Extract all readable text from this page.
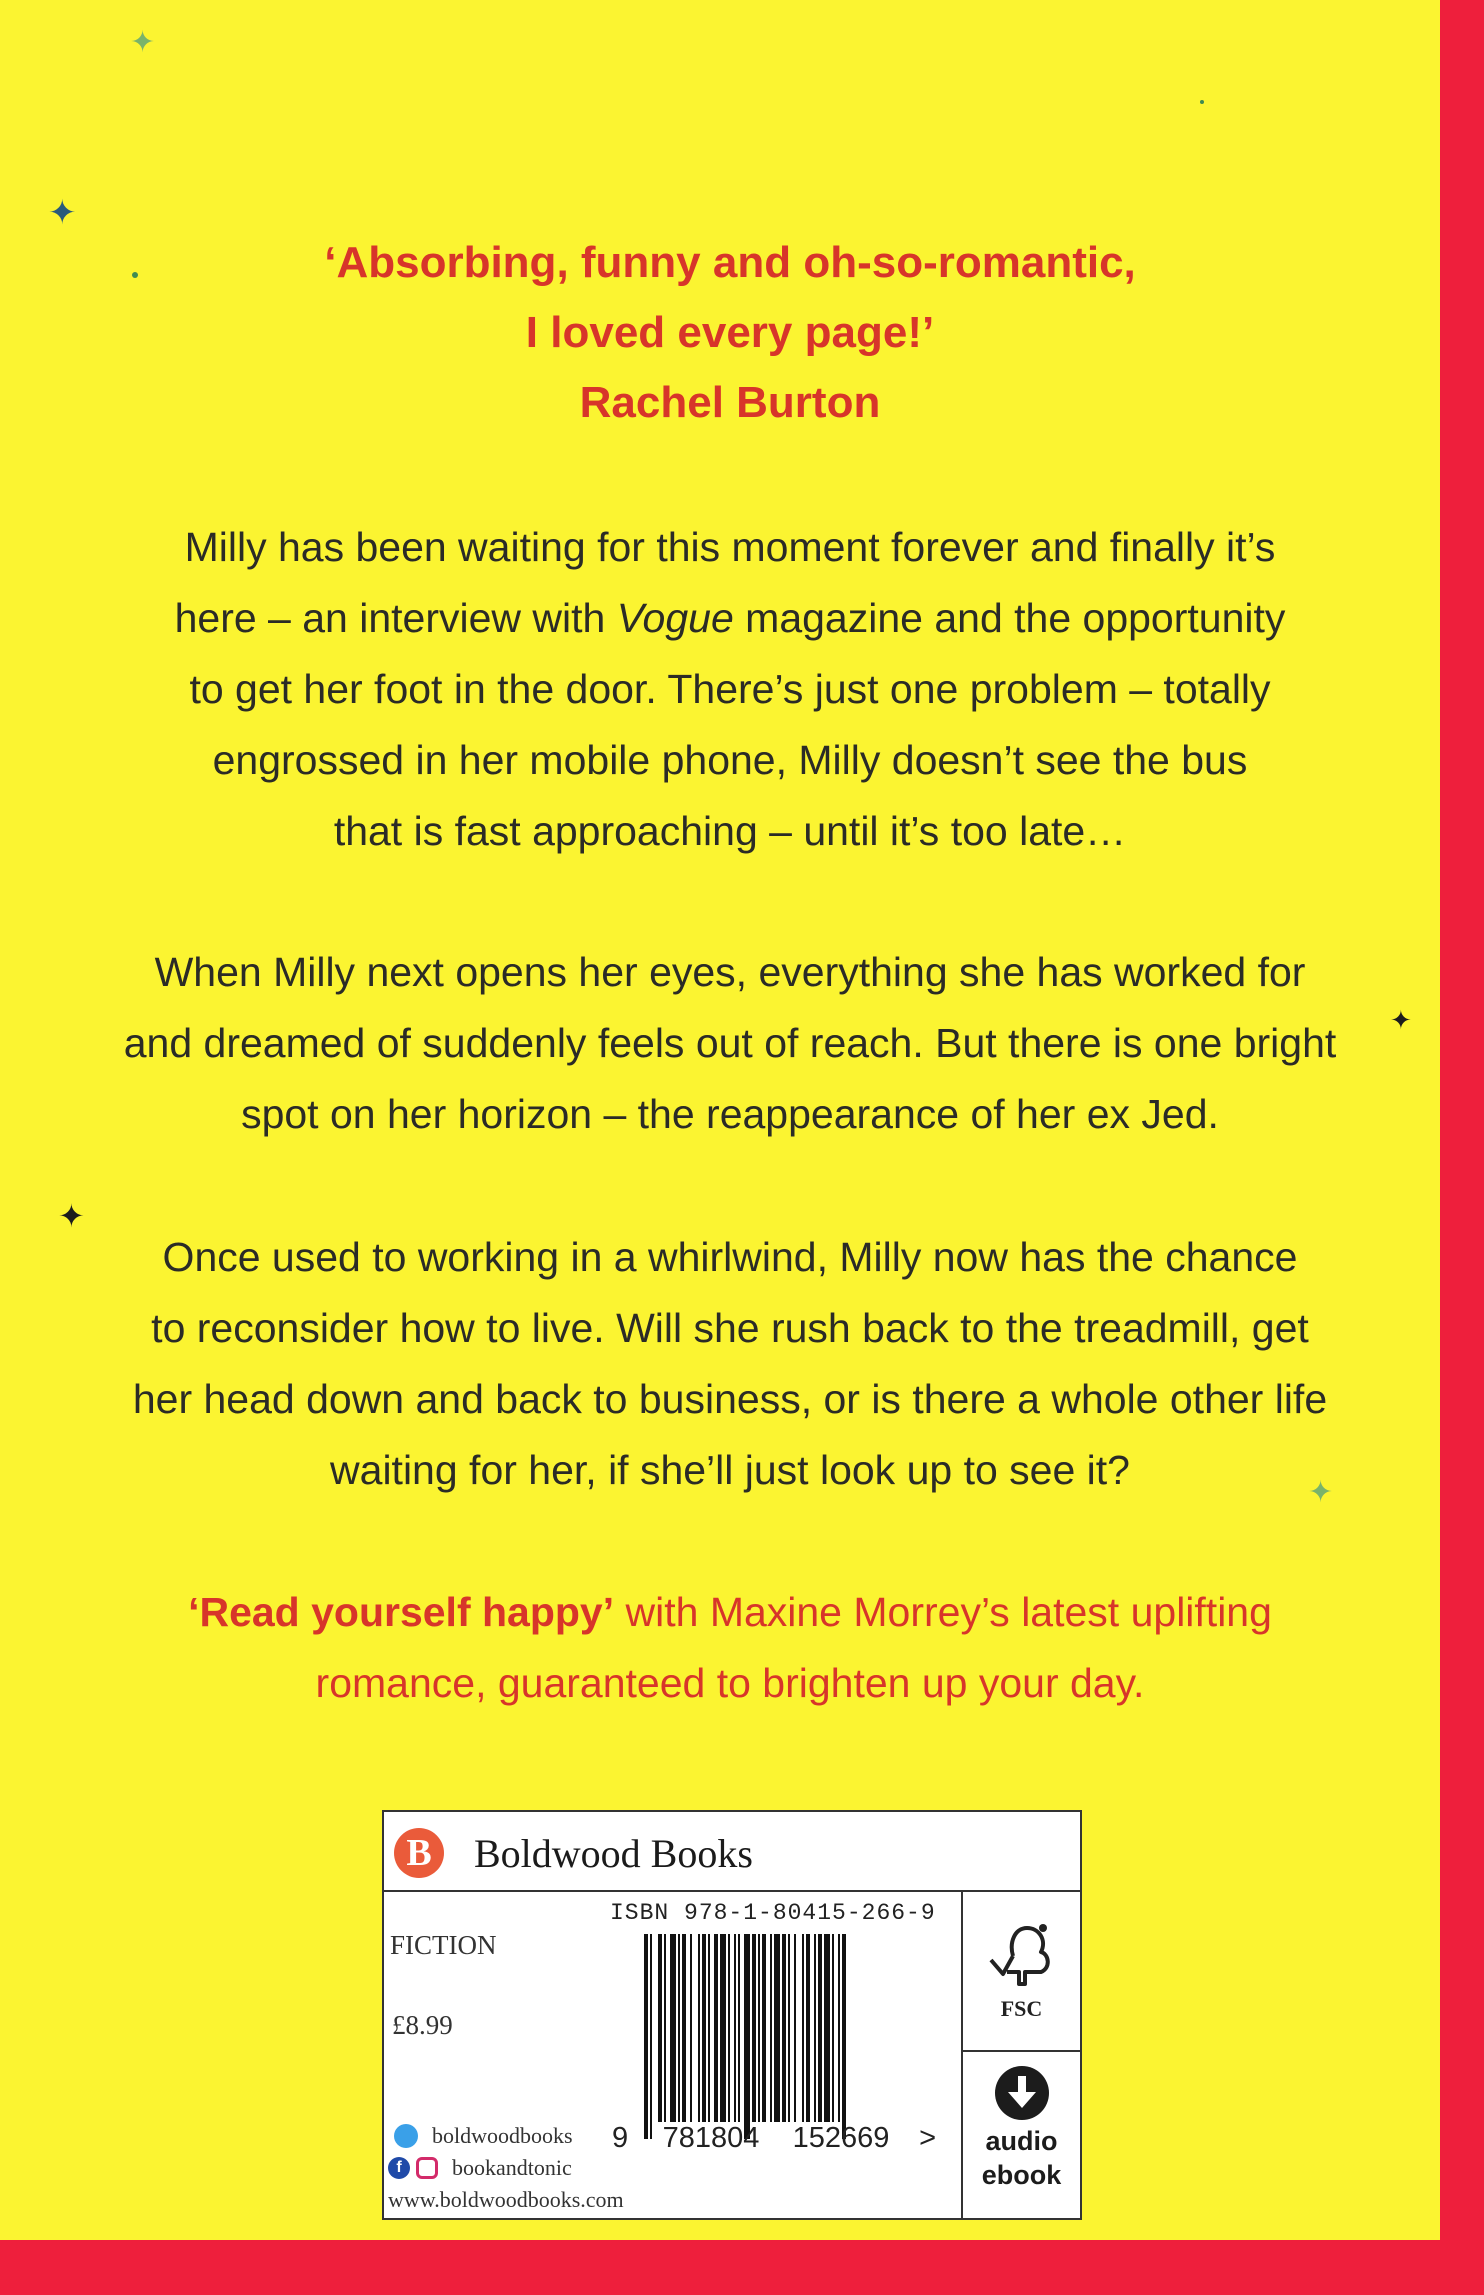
✦
✦
✦
✦
✦
‘Absorbing, funny and oh-so-romantic,
I loved every page!’
Rachel Burton
Milly has been waiting for this moment forever and finally it’s
here – an interview with Vogue magazine and the opportunity
to get her foot in the door. There’s just one problem – totally
engrossed in her mobile phone, Milly doesn’t see the bus
that is fast approaching – until it’s too late…
When Milly next opens her eyes, everything she has worked for
and dreamed of suddenly feels out of reach. But there is one bright
spot on her horizon – the reappearance of her ex Jed.
Once used to working in a whirlwind, Milly now has the chance
to reconsider how to live. Will she rush back to the treadmill, get
her head down and back to business, or is there a whole other life
waiting for her, if she’ll just look up to see it?
‘Read yourself happy’ with Maxine Morrey’s latest uplifting
romance, guaranteed to brighten up your day.
B	Boldwood Books
ISBN 978-1-80415-266-9
FICTION
£8.99
9 781804 152669 >
FSC
audio
ebook
boldwoodbooks
f	bookandtonic
www.boldwoodbooks.com
